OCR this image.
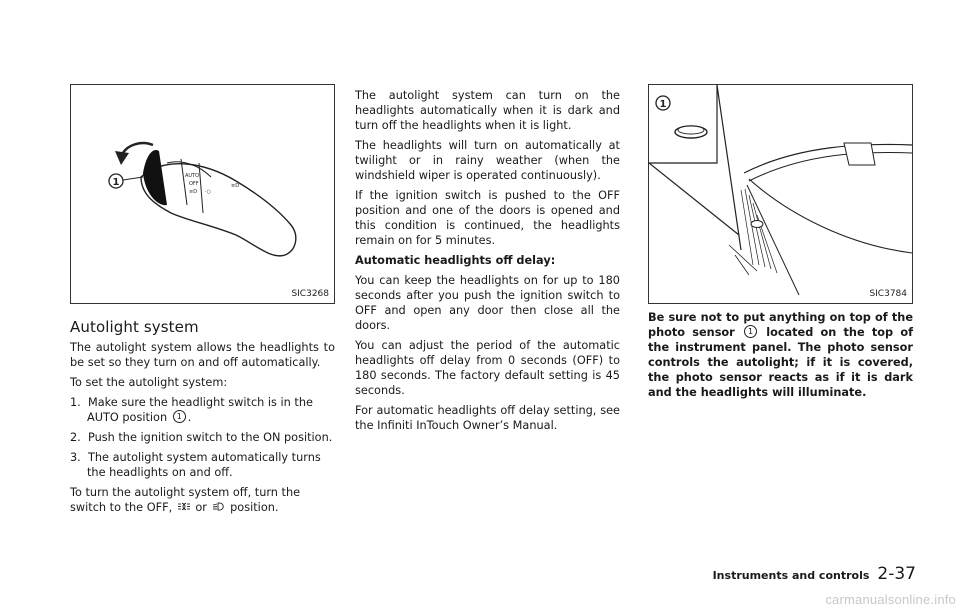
AUTO
OFF
≡D
≡D
·○
1
SIC3268
Autolight system

The autolight system allows the headlights to be set so they turn on and off automatically.

To set the autolight system:

1. Make sure the headlight switch is in the AUTO position 1 .
2. Push the ignition switch to the ON position.
3. The autolight system automatically turns the headlights on and off.

To turn the autolight system off, turn the switch to the OFF, or position.

The autolight system can turn on the headlights automatically when it is dark and turn off the headlights when it is light.

The headlights will turn on automatically at twilight or in rainy weather (when the windshield wiper is operated continuously).

If the ignition switch is pushed to the OFF position and one of the doors is opened and this condition is continued, the headlights remain on for 5 minutes.

Automatic headlights off delay:

You can keep the headlights on for up to 180 seconds after you push the ignition switch to OFF and open any door then close all the doors.

You can adjust the period of the automatic headlights off delay from 0 seconds (OFF) to 180 seconds. The factory default setting is 45 seconds.

For automatic headlights off delay setting, see the Infiniti InTouch Owner’s Manual.

1
SIC3784

Be sure not to put anything on top of the photo sensor 1 located on the top of the instrument panel. The photo sensor controls the autolight; if it is covered, the photo sensor reacts as if it is dark and the headlights will illuminate.

Instruments and controls 2-37
carmanualsonline.info
